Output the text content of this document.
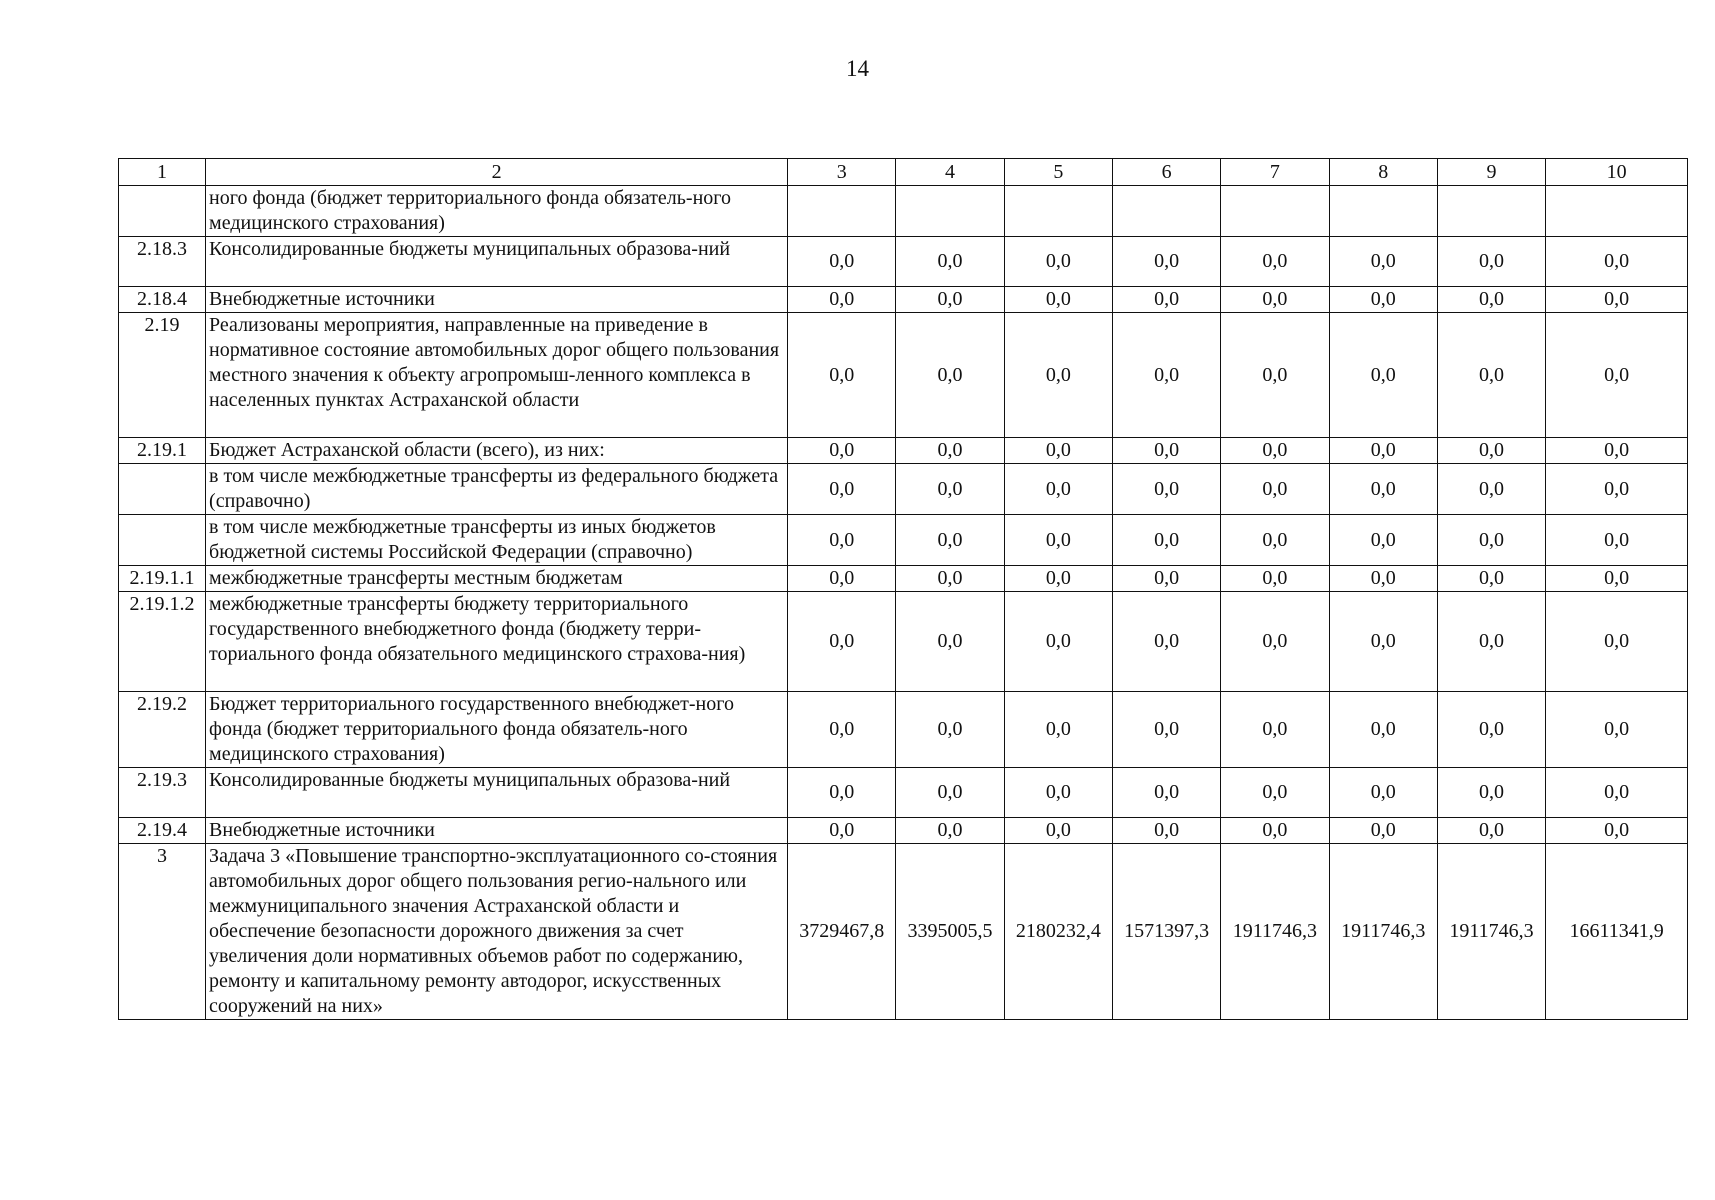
14
1	2	3	4	5	6	7	8	9	10
	ного фонда (бюджет территориального фонда обязатель-ного медицинского страхования)								
2.18.3	Консолидированные бюджеты муниципальных образова-ний	0,0	0,0	0,0	0,0	0,0	0,0	0,0	0,0
2.18.4	Внебюджетные источники	0,0	0,0	0,0	0,0	0,0	0,0	0,0	0,0
2.19	Реализованы мероприятия, направленные на приведение в нормативное состояние автомобильных дорог общего пользования местного значения к объекту агропромыш-ленного комплекса в населенных пунктах Астраханской области	0,0	0,0	0,0	0,0	0,0	0,0	0,0	0,0
2.19.1	Бюджет Астраханской области (всего), из них:	0,0	0,0	0,0	0,0	0,0	0,0	0,0	0,0
	в том числе межбюджетные трансферты из федерального бюджета (справочно)	0,0	0,0	0,0	0,0	0,0	0,0	0,0	0,0
	в том числе межбюджетные трансферты из иных бюджетов бюджетной системы Российской Федерации (справочно)	0,0	0,0	0,0	0,0	0,0	0,0	0,0	0,0
2.19.1.1	межбюджетные трансферты местным бюджетам	0,0	0,0	0,0	0,0	0,0	0,0	0,0	0,0
2.19.1.2	межбюджетные трансферты бюджету территориального государственного внебюджетного фонда (бюджету терри-ториального фонда обязательного медицинского страхова-ния)	0,0	0,0	0,0	0,0	0,0	0,0	0,0	0,0
2.19.2	Бюджет территориального государственного внебюджет-ного фонда (бюджет территориального фонда обязатель-ного медицинского страхования)	0,0	0,0	0,0	0,0	0,0	0,0	0,0	0,0
2.19.3	Консолидированные бюджеты муниципальных образова-ний	0,0	0,0	0,0	0,0	0,0	0,0	0,0	0,0
2.19.4	Внебюджетные источники	0,0	0,0	0,0	0,0	0,0	0,0	0,0	0,0
3	Задача 3 «Повышение транспортно-эксплуатационного со-стояния автомобильных дорог общего пользования регио-нального или межмуниципального значения Астраханской области и обеспечение безопасности дорожного движения за счет увеличения доли нормативных объемов работ по содержанию, ремонту и капитальному ремонту автодорог, искусственных сооружений на них»	3729467,8	3395005,5	2180232,4	1571397,3	1911746,3	1911746,3	1911746,3	16611341,9
